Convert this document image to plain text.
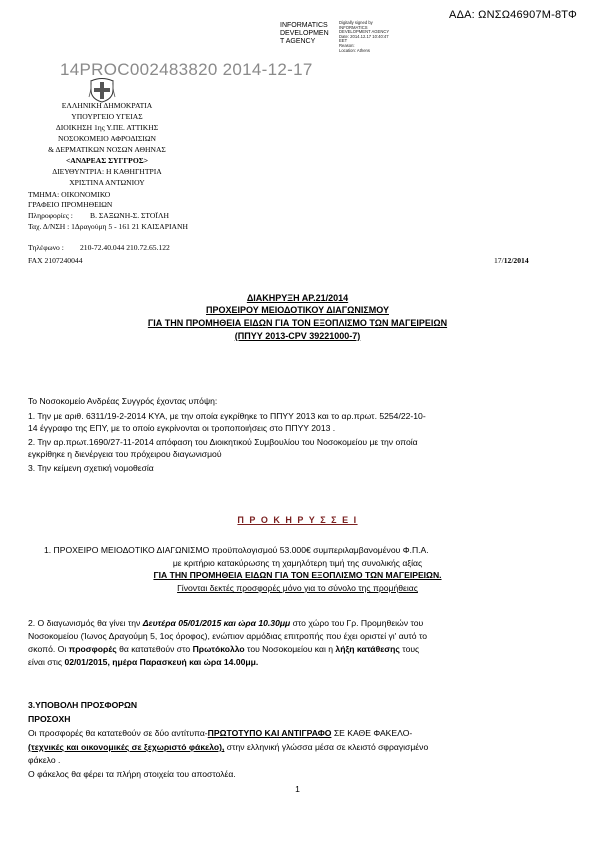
ΑΔΑ: ΩΝΣΩ46907Μ-8ΤΦ
INFORMATICS
DEVELOPMEN
T AGENCY
Digitally signed by
INFORMATICS
DEVELOPMENT AGENCY
Date: 2014.12.17 10:40:47
EET
Reason:
Location: Athens
14PROC002483820 2014-12-17
ΕΛΛΗΝΙΚΗ ΔΗΜΟΚΡΑΤΙΑ
ΥΠΟΥΡΓΕΙΟ ΥΓΕΙΑΣ
ΔΙΟΙΚΗΣΗ 1ης Υ.ΠΕ. ΑΤΤΙΚΗΣ
ΝΟΣΟΚΟΜΕΙΟ ΑΦΡΟΔΙΣΙΩΝ
& ΔΕΡΜΑΤΙΚΩΝ ΝΟΣΩΝ ΑΘΗΝΑΣ
<ΑΝΔΡΕΑΣ ΣΥΓΓΡΟΣ>
ΔΙΕΥΘΥΝΤΡΙΑ: Η ΚΑΘΗΓΗΤΡΙΑ
ΧΡΙΣΤΙΝΑ ΑΝΤΩΝΙΟΥ
ΤΜΗΜΑ: ΟΙΚΟΝΟΜΙΚΟ
ΓΡΑΦΕΙΟ ΠΡΟΜΗΘΕΙΩΝ
Πληροφορίες : Β. ΣΑΞΩΝΗ-Σ. ΣΤΟΪΛΗ
Ταχ. Δ/ΝΣΗ : 1Δραγούμη 5 - 161 21 ΚΑΙΣΑΡΙΑΝΗ
Τηλέφωνο : 210-72.40.044 210.72.65.122
FAX 2107240044	17/12/2014
ΔΙΑΚΗΡΥΞΗ ΑΡ.21/2014
ΠΡΟΧΕΙΡΟΥ ΜΕΙΟΔΟΤΙΚΟΥ ΔΙΑΓΩΝΙΣΜΟΥ
ΓΙΑ ΤΗΝ ΠΡΟΜΗΘΕΙΑ ΕΙΔΩΝ ΓΙΑ ΤΟΝ ΕΞΟΠΛΙΣΜΟ ΤΩΝ ΜΑΓΕΙΡΕΙΩΝ
(ΠΠΥΥ 2013-CPV 39221000-7)
Το Νοσοκομείο Ανδρέας Συγγρός έχοντας υπόψη:
1. Την με αριθ. 6311/19-2-2014 ΚΥΑ, με την οποία εγκρίθηκε το ΠΠΥΥ 2013 και το αρ.πρωτ. 5254/22-10-
14 έγγραφο της ΕΠΥ, με το οποίο εγκρίνονται οι τροποποιήσεις στο ΠΠΥΥ 2013 .
2. Την αρ.πρωτ.1690/27-11-2014 απόφαση του Διοικητικού Συμβουλίου του Νοσοκομείου με την οποία
εγκρίθηκε η διενέργεια του πρόχειρου διαγωνισμού
3. Την κείμενη σχετική νομοθεσία
Π Ρ Ο Κ Η Ρ Υ Σ Σ Ε Ι
1. ΠΡΟΧΕΙΡΟ ΜΕΙΟΔΟΤΙΚΟ ΔΙΑΓΩΝΙΣΜΟ προϋπολογισμού 53.000€ συμπεριλαμβανομένου Φ.Π.Α.
με κριτήριο κατακύρωσης τη χαμηλότερη τιμή της συνολικής αξίας
ΓΙΑ ΤΗΝ ΠΡΟΜΗΘΕΙΑ ΕΙΔΩΝ ΓΙΑ ΤΟΝ ΕΞΟΠΛΙΣΜΟ ΤΩΝ ΜΑΓΕΙΡΕΙΩΝ.
Γίνονται δεκτές προσφορές μόνο για το σύνολο της προμήθειας
2. Ο διαγωνισμός θα γίνει την Δευτέρα 05/01/2015 και ώρα 10.30μμ στο χώρο του Γρ. Προμηθειών του
Νοσοκομείου (Ίωνος Δραγούμη 5, 1ος όροφος), ενώπιον αρμόδιας επιτροπής που έχει οριστεί γι' αυτό το
σκοπό. Οι προσφορές θα κατατεθούν στο Πρωτόκολλο του Νοσοκομείου και η λήξη κατάθεσης τους
είναι στις 02/01/2015, ημέρα Παρασκευή και ώρα 14.00μμ.
3.ΥΠΟΒΟΛΗ ΠΡΟΣΦΟΡΩΝ
ΠΡΟΣΟΧΗ
Οι προσφορές θα κατατεθούν σε δύο αντίτυπα-ΠΡΩΤΟΤΥΠΟ ΚΑΙ ΑΝΤΙΓΡΑΦΟ ΣΕ ΚΑΘΕ ΦΑΚΕΛΟ-
(τεχνικές και οικονομικές σε ξεχωριστό φάκελο), στην ελληνική γλώσσα μέσα σε κλειστό σφραγισμένο
φάκελο .
Ο φάκελος θα φέρει τα πλήρη στοιχεία του αποστολέα.
1
